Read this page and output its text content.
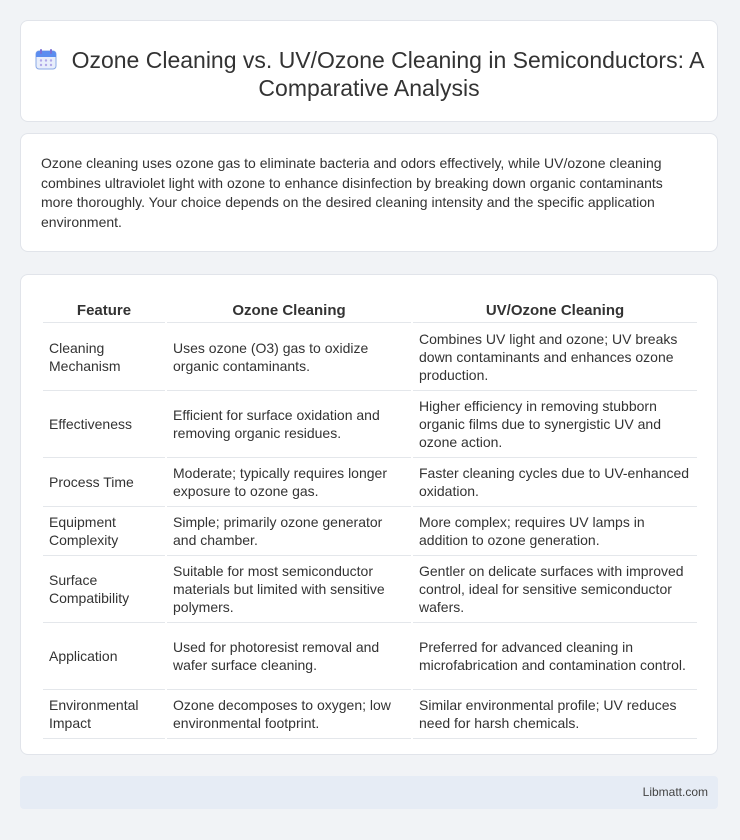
Ozone Cleaning vs. UV/Ozone Cleaning in Semiconductors: A Comparative Analysis

Ozone cleaning uses ozone gas to eliminate bacteria and odors effectively, while UV/ozone cleaning combines ultraviolet light with ozone to enhance disinfection by breaking down organic contaminants more thoroughly. Your choice depends on the desired cleaning intensity and the specific application environment.

Feature	Ozone Cleaning	UV/Ozone Cleaning
Cleaning Mechanism	Uses ozone (O3) gas to oxidize organic contaminants.	Combines UV light and ozone; UV breaks down contaminants and enhances ozone production.
Effectiveness	Efficient for surface oxidation and removing organic residues.	Higher efficiency in removing stubborn organic films due to synergistic UV and ozone action.
Process Time	Moderate; typically requires longer exposure to ozone gas.	Faster cleaning cycles due to UV-enhanced oxidation.
Equipment Complexity	Simple; primarily ozone generator and chamber.	More complex; requires UV lamps in addition to ozone generation.
Surface Compatibility	Suitable for most semiconductor materials but limited with sensitive polymers.	Gentler on delicate surfaces with improved control, ideal for sensitive semiconductor wafers.
Application	Used for photoresist removal and wafer surface cleaning.	Preferred for advanced cleaning in microfabrication and contamination control.
Environmental Impact	Ozone decomposes to oxygen; low environmental footprint.	Similar environmental profile; UV reduces need for harsh chemicals.
Libmatt.com
